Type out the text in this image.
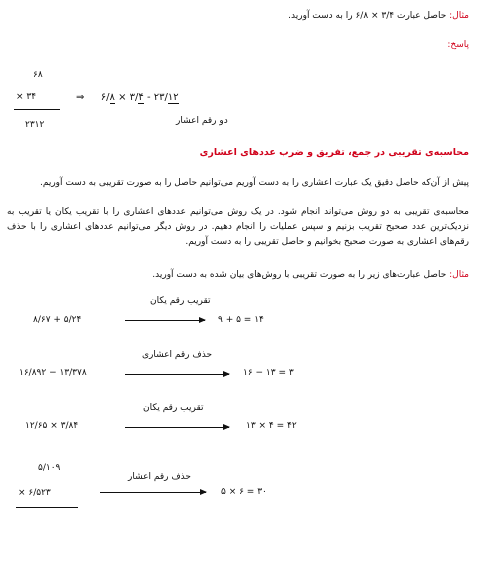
مثال: حاصل عبارت ۳/۴ × ۶/۸ را به دست آورید.
پاسخ:
۶۸
× ۳۴
۲۳۱۲
⇒ ۶/۸ × ۳/۴ - ۲۳/۱۲
دو رقم اعشار
محاسبه‌ی تقریبی در جمع، تفریق و ضرب عددهای اعشاری
پیش از آن‌که حاصل دقیق یک عبارت اعشاری را به دست آوریم می‌توانیم حاصل را به صورت تقریبی به دست آوریم.
محاسبه‌ی تقریبی به دو روش می‌تواند انجام شود. در یک روش می‌توانیم عددهای اعشاری را با تقریب یکان یا تقریب به نزدیک‌ترین عدد صحیح تقریب بزنیم و سپس عملیات را انجام دهیم. در روش دیگر می‌توانیم عددهای اعشاری را با حذف رقم‌های اعشاری به صورت صحیح بخوانیم و حاصل تقریبی را به دست آوریم.
مثال: حاصل عبارت‌های زیر را به صورت تقریبی با روش‌های بیان شده به دست آورید.
۸/۶۷ + ۵/۲۴
تقریب رقم یکان
۹ + ۵ = ۱۴
۱۶/۸۹۲ − ۱۳/۳۷۸
حذف رقم اعشاری
۱۶ − ۱۳ = ۳
۱۲/۶۵ × ۳/۸۴
تقریب رقم یکان
۱۳ × ۴ = ۴۲
۵/۱۰۹
× ۶/۵۲۳
حذف رقم اعشار
۵ × ۶ = ۳۰
